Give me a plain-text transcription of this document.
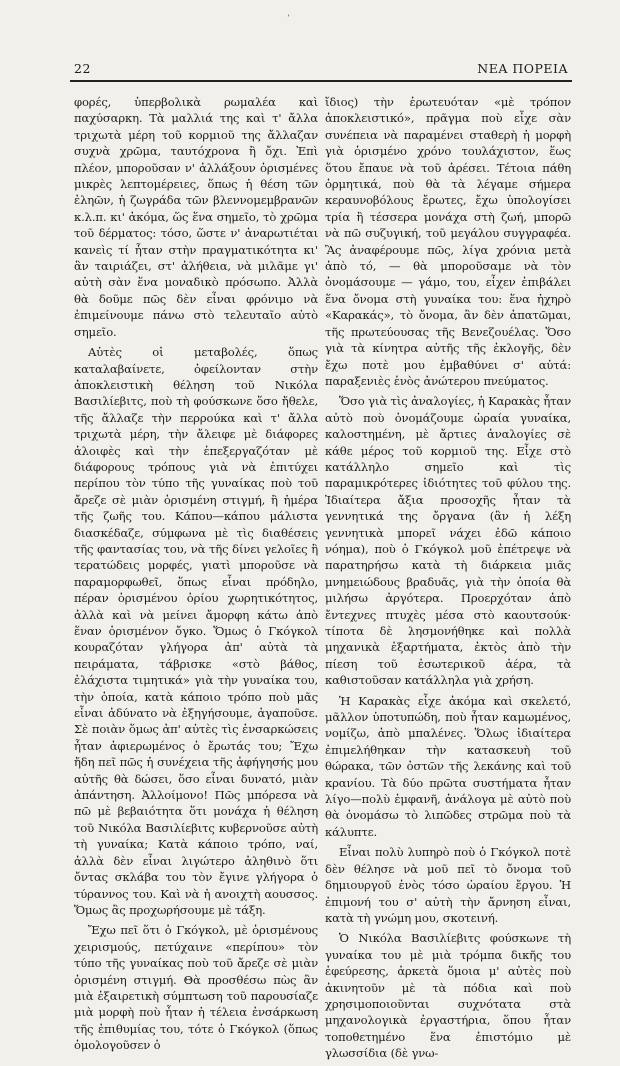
ʼ
22	ΝΕΑ ΠΟΡΕΙΑ

φορές, ὑπερβολικὰ ρωμαλέα καὶ παχύσαρκη. Τὰ μαλλιά της καὶ τ' ἄλλα τριχωτὰ μέρη τοῦ κορμιοῦ της ἄλλαζαν συχνὰ χρῶμα, ταυτόχρονα ἢ ὄχι. Ἐπὶ πλέον, μποροῦσαν ν' ἀλλάξουν ὁρισμένες μικρὲς λεπτομέρειες, ὅπως ἡ θέση τῶν ἐληῶν, ἡ ζωγράδα τῶν βλεννομεμβρανῶν κ.λ.π. κι' ἀκόμα, ὥς ἕνα σημεῖο, τὸ χρῶμα τοῦ δέρματος: τόσο, ὥστε ν' ἀναρωτιέται κανεὶς τί ἦταν στὴν πραγματικότητα κι' ἂν ταιριάζει, στ' ἀλήθεια, νὰ μιλᾶμε γι' αὐτὴ σὰν ἕνα μοναδικὸ πρόσωπο. Ἀλλὰ θὰ δοῦμε πῶς δὲν εἶναι φρόνιμο νὰ ἐπιμείνουμε πάνω στὸ τελευταῖο αὐτὸ σημεῖο.

Αὐτὲς οἱ μεταβολές, ὅπως καταλαβαίνετε, ὀφείλονταν στὴν ἀποκλειστικὴ θέληση τοῦ Νικόλα Βασιλίεβιτς, ποὺ τὴ φούσκωνε ὅσο ἤθελε, τῆς ἄλλαζε τὴν περρούκα καὶ τ' ἄλλα τριχωτὰ μέρη, τὴν ἄλειφε μὲ διάφορες ἀλοιφὲς καὶ τὴν ἐπεξεργαζόταν μὲ διάφορους τρόπους γιὰ νὰ ἐπιτύχει περίπου τὸν τύπο τῆς γυναίκας ποὺ τοῦ ἄρεζε σὲ μιὰν ὁρισμένη στιγμή, ἢ ἡμέρα τῆς ζωῆς του. Κάπου—κάπου μάλιστα διασκέδαζε, σύμφωνα μὲ τὶς διαθέσεις τῆς φαντασίας του, νὰ τῆς δίνει γελοῖες ἢ τερατώδεις μορφές, γιατὶ μποροῦσε νὰ παραμορφωθεῖ, ὅπως εἶναι πρόδηλο, πέραν ὁρισμένου ὁρίου χωρητικότητος, ἀλλὰ καὶ νὰ μείνει ἄμορφη κάτω ἀπὸ ἕναν ὁρισμένον ὄγκο. Ὅμως ὁ Γκόγκολ κουραζόταν γλήγορα ἀπ' αὐτὰ τὰ πειράματα, τάβρισκε «στὸ βάθος, ἐλάχιστα τιμητικά» γιὰ τὴν γυναίκα του, τὴν ὁποία, κατὰ κάποιο τρόπο ποὺ μᾶς εἶναι ἀδύνατο νὰ ἐξηγήσουμε, ἀγαποῦσε. Σὲ ποιὰν ὅμως ἀπ' αὐτὲς τὶς ἐνσαρκώσεις ἦταν ἀφιερωμένος ὁ ἔρωτάς του; Ἔχω ἤδη πεῖ πῶς ἡ συνέχεια τῆς ἀφήγησής μου αὐτῆς θὰ δώσει, ὅσο εἶναι δυνατό, μιὰν ἀπάντηση. Ἀλλοίμονο! Πῶς μπόρεσα νὰ πῶ μὲ βεβαιότητα ὅτι μονάχα ἡ θέληση τοῦ Νικόλα Βασιλίεβιτς κυβερνοῦσε αὐτὴ τὴ γυναίκα; Κατὰ κάποιο τρόπο, ναί, ἀλλὰ δὲν εἶναι λιγώτερο ἀληθινὸ ὅτι ὄντας σκλάβα του τὸν ἔγινε γλήγορα ὁ τύραννος του. Καὶ νὰ ἡ ανοιχτὴ αουσσος. Ὅμως ἂς προχωρήσουμε μὲ τάξη.

Ἔχω πεῖ ὅτι ὁ Γκόγκολ, μὲ ὁρισμένους χειρισμούς, πετύχαινε «περίπου» τὸν τύπο τῆς γυναίκας ποὺ τοῦ ἄρεζε σὲ μιὰν ὁρισμένη στιγμή. Θὰ προσθέσω πὼς ἂν μιὰ ἐξαιρετικὴ σύμπτωση τοῦ παρουσίαζε μιὰ μορφὴ ποὺ ἦταν ἡ τέλεια ἐνσάρκωση τῆς ἐπιθυμίας του, τότε ὁ Γκόγκολ (ὅπως ὁμολογοῦσεν ὁ

ἴδιος) τὴν ἐρωτευόταν «μὲ τρόπον ἀποκλειστικό», πρᾶγμα ποὺ εἶχε σὰν συνέπεια νὰ παραμένει σταθερὴ ἡ μορφὴ γιὰ ὁρισμένο χρόνο τουλάχιστον, ἕως ὅτου ἔπαυε νὰ τοῦ ἀρέσει. Τέτοια πάθη ὁρμητικά, ποὺ θὰ τὰ λέγαμε σήμερα κεραυνοβόλους ἔρωτες, ἔχω ὑπολογίσει τρία ἢ τέσσερα μονάχα στὴ ζωή, μπορῶ νὰ πῶ συζυγική, τοῦ μεγάλου συγγραφέα. Ἂς ἀναφέρουμε πῶς, λίγα χρόνια μετὰ ἀπὸ τό, — θὰ μποροῦσαμε νὰ τὸν ὀνομάσουμε — γάμο, του, εἶχεν ἐπιβάλει ἕνα ὄνομα στὴ γυναίκα του: ἕνα ἠχηρὸ «Καρακάς», τὸ ὄνομα, ἂν δὲν ἀπατῶμαι, τῆς πρωτεύουσας τῆς Βενεζουέλας. Ὅσο γιὰ τὰ κίνητρα αὐτῆς τῆς ἐκλογῆς, δὲν ἔχω ποτὲ μου ἐμβαθύνει σ' αὐτά: παραξενιὲς ἑνὸς ἀνώτερου πνεύματος.

Ὅσο γιὰ τὶς ἀναλογίες, ἡ Καρακὰς ἦταν αὐτὸ ποὺ ὀνομάζουμε ὡραία γυναίκα, καλοστημένη, μὲ ἄρτιες ἀναλογίες σὲ κάθε μέρος τοῦ κορμιοῦ της. Εἶχε στὸ κατάλληλο σημεῖο καὶ τὶς παραμικρότερες ἰδιότητες τοῦ φύλου της. Ἰδιαίτερα ἄξια προσοχῆς ἦταν τὰ γεννητικά της ὄργανα (ἂν ἡ λέξη γεννητικὰ μπορεῖ νάχει ἐδῶ κάποιο νόημα), ποὺ ὁ Γκόγκολ μοῦ ἐπέτρεψε νὰ παρατηρήσω κατὰ τὴ διάρκεια μιᾶς μνημειώδους βραδυᾶς, γιὰ τὴν ὁποία θὰ μιλήσω ἀργότερα. Προερχόταν ἀπὸ ἔντεχνες πτυχὲς μέσα στὸ καουτσούκ· τίποτα δὲ λησμονήθηκε καὶ πολλὰ μηχανικὰ ἐξαρτήματα, ἐκτὸς ἀπὸ τὴν πίεση τοῦ ἐσωτερικοῦ ἀέρα, τὰ καθιστοῦσαν κατάλληλα γιὰ χρήση.

Ἡ Καρακὰς εἶχε ἀκόμα καὶ σκελετό, μᾶλλον ὑποτυπώδη, ποὺ ἦταν καμωμένος, νομίζω, ἀπὸ μπαλένες. Ὅλως ἰδιαίτερα ἐπιμελήθηκαν τὴν κατασκευὴ τοῦ θώρακα, τῶν ὀστῶν τῆς λεκάνης καὶ τοῦ κρανίου. Τὰ δύο πρῶτα συστήματα ἦταν λίγο—πολὺ ἐμφανῆ, ἀνάλογα μὲ αὐτὸ ποὺ θὰ ὀνομάσω τὸ λιπῶδες στρῶμα ποὺ τὰ κάλυπτε.

Εἶναι πολὺ λυπηρὸ ποὺ ὁ Γκόγκολ ποτὲ δὲν θέλησε νὰ μοῦ πεῖ τὸ ὄνομα τοῦ δημιουργοῦ ἑνὸς τόσο ὡραίου ἔργου. Ἡ ἐπιμονή του σ' αὐτὴ τὴν ἄρνηση εἶναι, κατὰ τὴ γνώμη μου, σκοτεινή.

Ὁ Νικόλα Βασιλίεβιτς φούσκωνε τὴ γυναίκα του μὲ μιὰ τρόμπα δικῆς του ἐφεύρεσης, ἀρκετὰ ὅμοια μ' αὐτὲς ποὺ ἀκινητοῦν μὲ τὰ πόδια καὶ ποὺ χρησιμοποιοῦνται συχνότατα στὰ μηχανολογικὰ ἐργαστήρια, ὅπου ἦταν τοποθετημένο ἕνα ἐπιστόμιο μὲ γλωσσίδια (δὲ γνω-
